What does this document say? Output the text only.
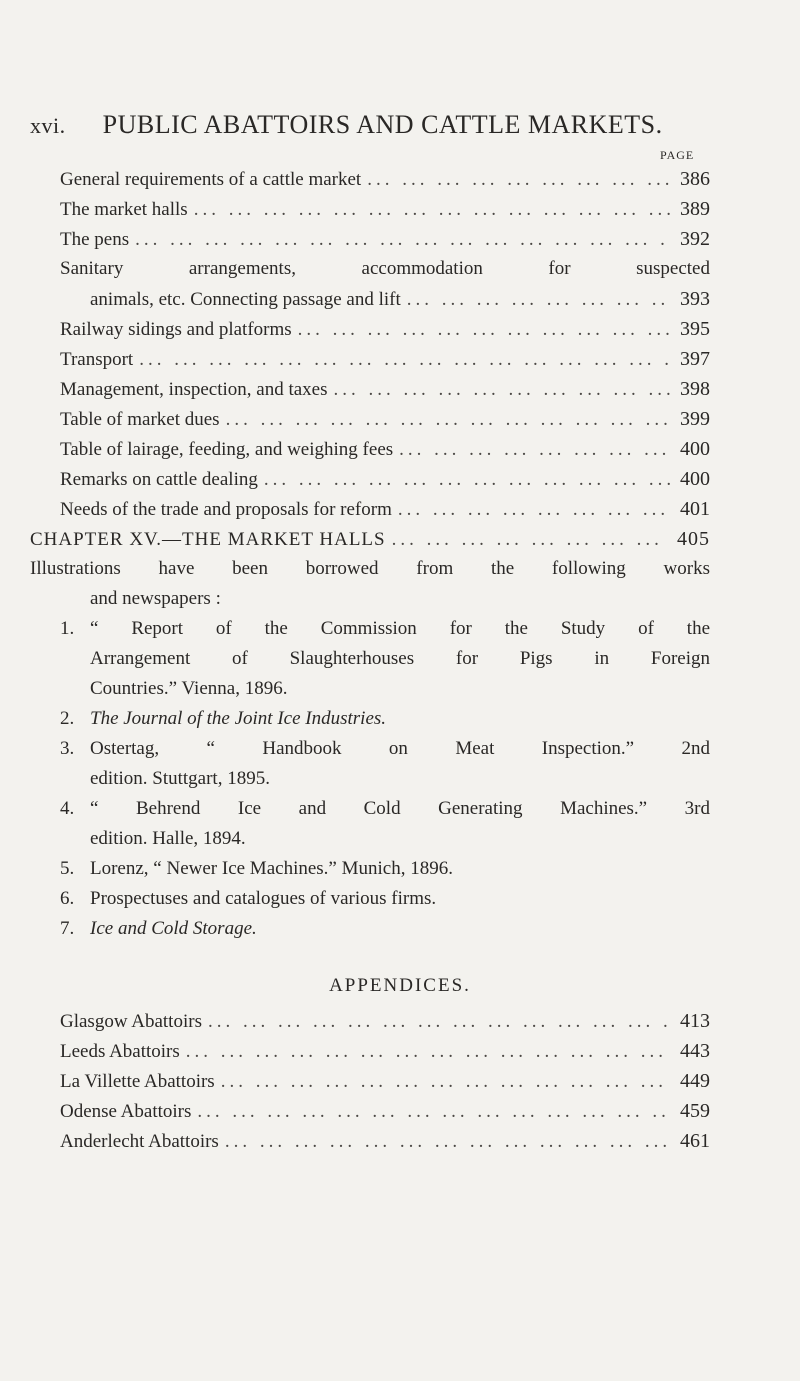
xvi. PUBLIC ABATTOIRS AND CATTLE MARKETS.
PAGE
General requirements of a cattle market ... .	386
The market halls ... .	389
The pens ... .	392
Sanitary arrangements, accommodation for suspected
animals, etc. Connecting passage and lift ... .	393
Railway sidings and platforms ... .	395
Transport ... .	397
Management, inspection, and taxes ... .	398
Table of market dues ... .	399
Table of lairage, feeding, and weighing fees ... .	400
Remarks on cattle dealing ... .	400
Needs of the trade and proposals for reform ... .	401
CHAPTER XV.—THE MARKET HALLS ... .	405
Illustrations have been borrowed from the following works
and newspapers :
1. “ Report of the Commission for the Study of the
Arrangement of Slaughterhouses for Pigs in Foreign
Countries.” Vienna, 1896.
2. The Journal of the Joint Ice Industries.
3. Ostertag, “ Handbook on Meat Inspection.” 2nd
edition. Stuttgart, 1895.
4. “ Behrend Ice and Cold Generating Machines.” 3rd
edition. Halle, 1894.
5. Lorenz, “ Newer Ice Machines.” Munich, 1896.
6. Prospectuses and catalogues of various firms.
7. Ice and Cold Storage.
APPENDICES.
Glasgow Abattoirs ... .	413
Leeds Abattoirs ... .	443
La Villette Abattoirs ... .	449
Odense Abattoirs ... .	459
Anderlecht Abattoirs ... .	461
